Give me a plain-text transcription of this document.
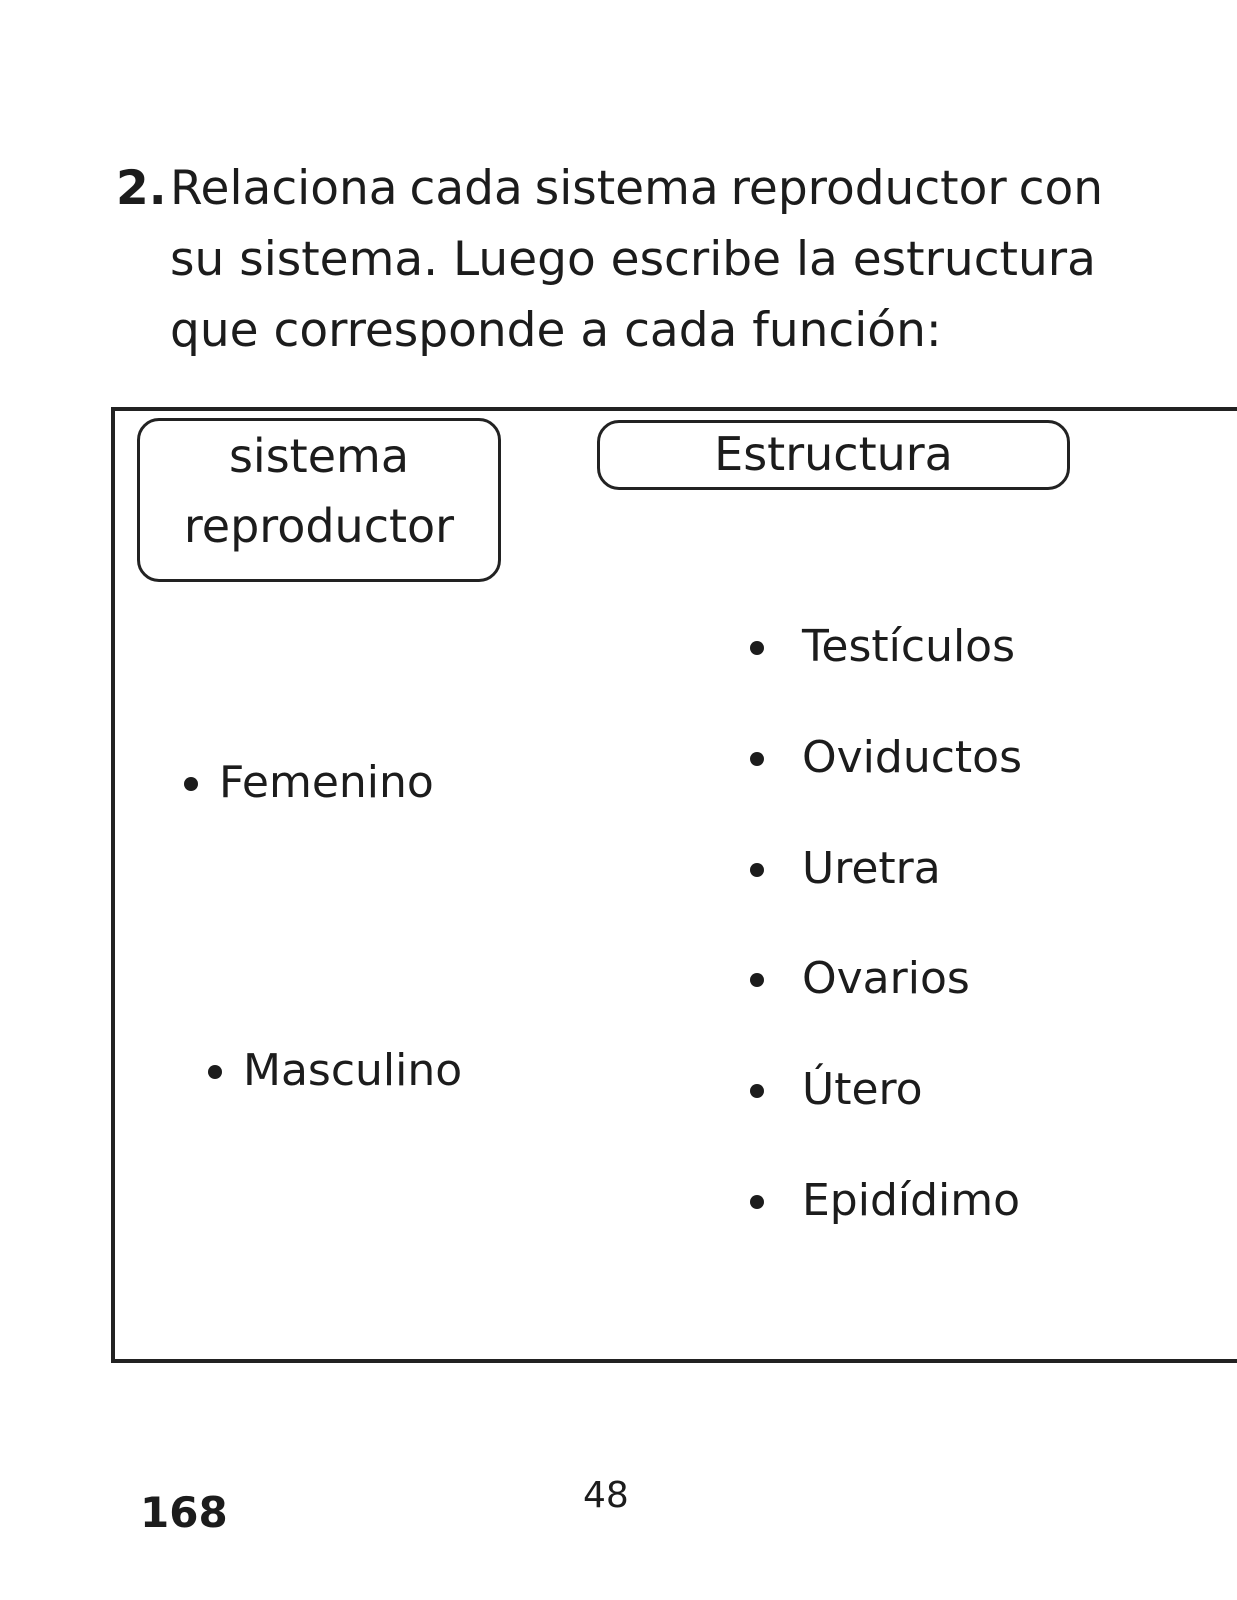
2. Relaciona cada sistema reproductor con
su sistema. Luego escribe la estructura
que corresponde a cada función:
sistema
reproductor
Estructura
Femenino
Masculino
Testículos
Oviductos
Uretra
Ovarios
Útero
Epidídimo
168	48
